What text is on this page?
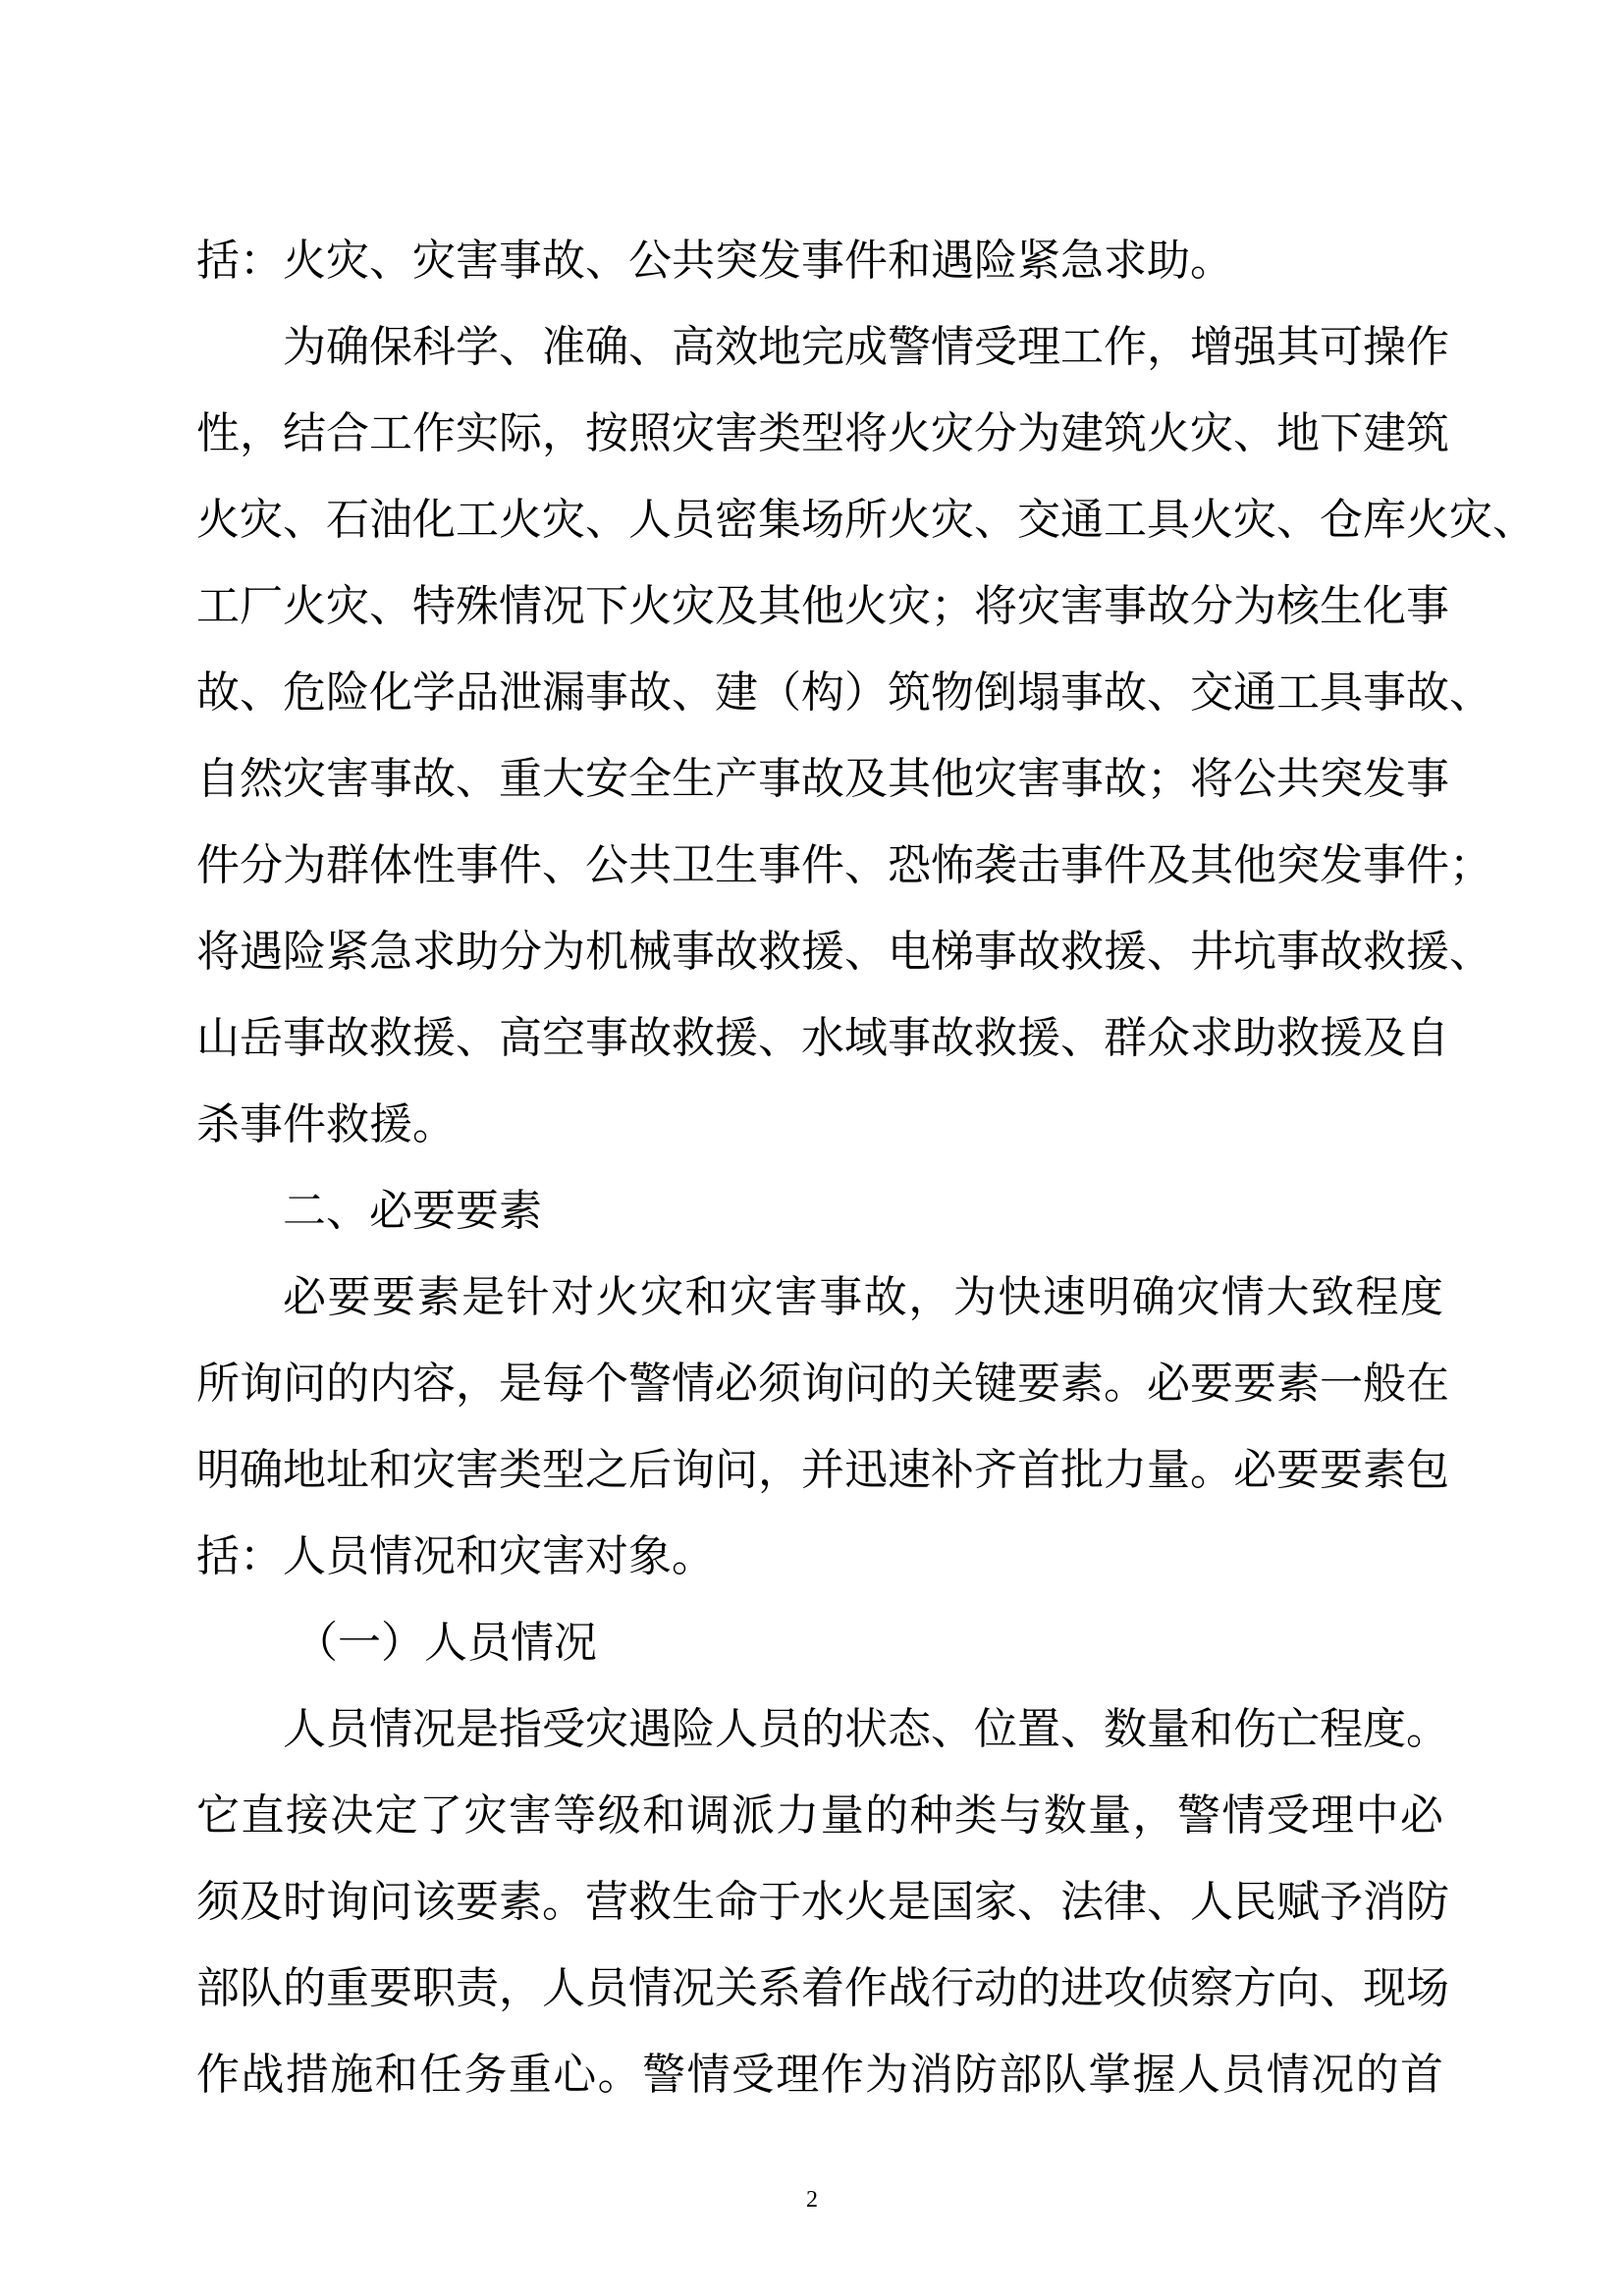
括：火灾、灾害事故、公共突发事件和遇险紧急求助。
为确保科学、准确、高效地完成警情受理工作，增强其可操作
性，结合工作实际，按照灾害类型将火灾分为建筑火灾、地下建筑
火灾、石油化工火灾、人员密集场所火灾、交通工具火灾、仓库火灾、
工厂火灾、特殊情况下火灾及其他火灾；将灾害事故分为核生化事
故、危险化学品泄漏事故、建（构）筑物倒塌事故、交通工具事故、
自然灾害事故、重大安全生产事故及其他灾害事故；将公共突发事
件分为群体性事件、公共卫生事件、恐怖袭击事件及其他突发事件；
将遇险紧急求助分为机械事故救援、电梯事故救援、井坑事故救援、
山岳事故救援、高空事故救援、水域事故救援、群众求助救援及自
杀事件救援。
二、必要要素
必要要素是针对火灾和灾害事故，为快速明确灾情大致程度
所询问的内容，是每个警情必须询问的关键要素。必要要素一般在
明确地址和灾害类型之后询问，并迅速补齐首批力量。必要要素包
括：人员情况和灾害对象。
（一）人员情况
人员情况是指受灾遇险人员的状态、位置、数量和伤亡程度。
它直接决定了灾害等级和调派力量的种类与数量，警情受理中必
须及时询问该要素。营救生命于水火是国家、法律、人民赋予消防
部队的重要职责，人员情况关系着作战行动的进攻侦察方向、现场
作战措施和任务重心。警情受理作为消防部队掌握人员情况的首
2
